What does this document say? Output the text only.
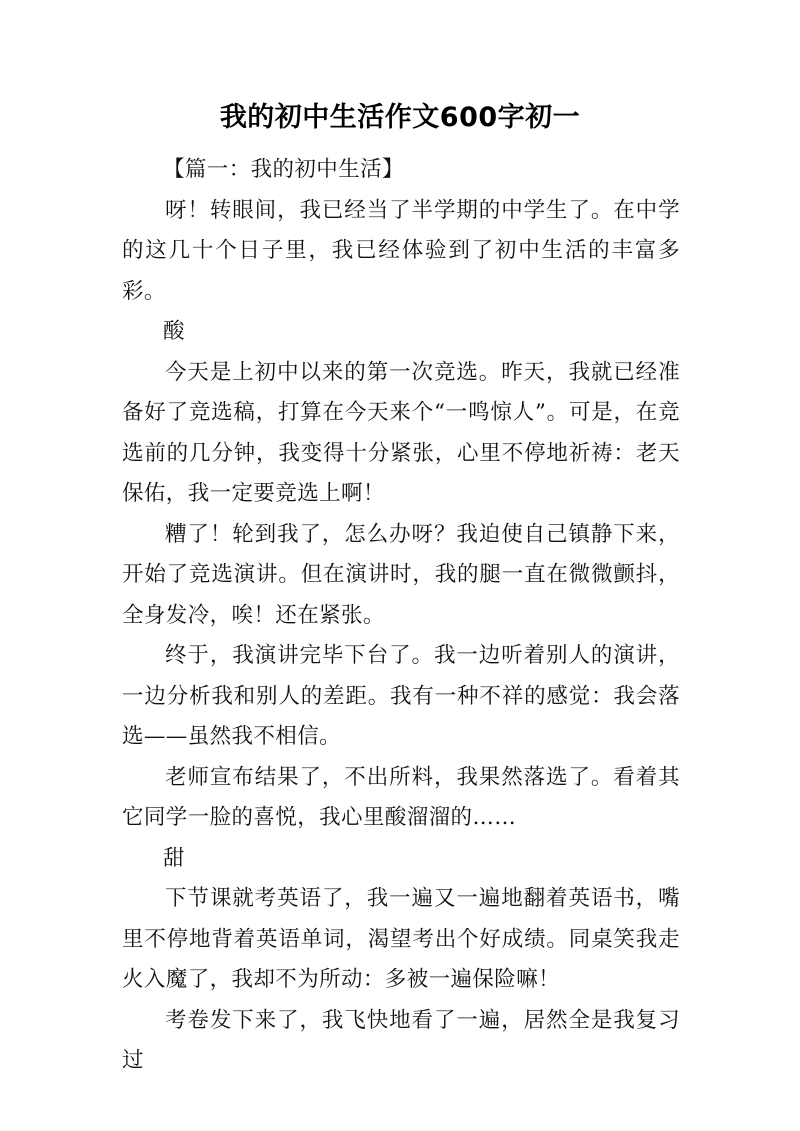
我的初中生活作文600字初一

【篇一：我的初中生活】

呀！转眼间，我已经当了半学期的中学生了。在中学的这几十个日子里，我已经体验到了初中生活的丰富多彩。

酸

今天是上初中以来的第一次竞选。昨天，我就已经准备好了竞选稿，打算在今天来个“一鸣惊人”。可是，在竞选前的几分钟，我变得十分紧张，心里不停地祈祷：老天保佑，我一定要竞选上啊！

糟了！轮到我了，怎么办呀？我迫使自己镇静下来，开始了竞选演讲。但在演讲时，我的腿一直在微微颤抖，全身发冷，唉！还在紧张。

终于，我演讲完毕下台了。我一边听着别人的演讲，一边分析我和别人的差距。我有一种不祥的感觉：我会落选——虽然我不相信。

老师宣布结果了，不出所料，我果然落选了。看着其它同学一脸的喜悦，我心里酸溜溜的……

甜

下节课就考英语了，我一遍又一遍地翻着英语书，嘴里不停地背着英语单词，渴望考出个好成绩。同桌笑我走火入魔了，我却不为所动：多被一遍保险嘛！

考卷发下来了，我飞快地看了一遍，居然全是我复习过
